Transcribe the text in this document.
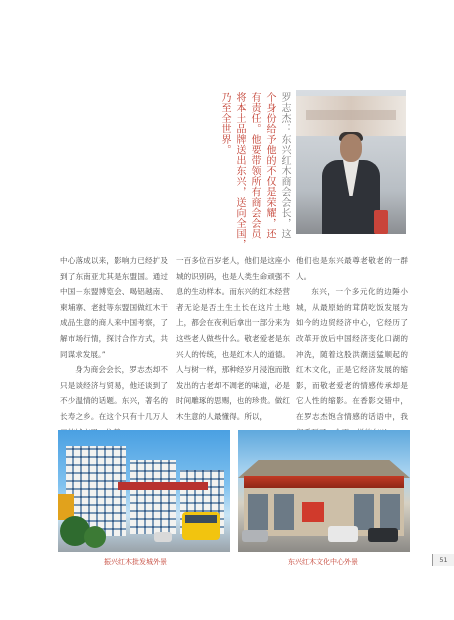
罗志杰：东兴红木商会会长，这
个身份给予他的不仅是荣耀，还
有责任。他要带领所有商会会员
将本土品牌送出东兴，送向全国，
乃至全世界。

中心落成以来，影响力已经扩及到了东南亚尤其是东盟国。通过中国－东盟博览会、喝铝越南、柬埔寨、老挝等东盟国做红木干成品生意的商人来中国考察，了解市场行情，探讨合作方式，共同谋求发展。”

身为商会会长，罗志杰却不只是谈经济与贸易，他还谈到了不少温情的话题。东兴，著名的长寿之乡。在这个只有十几万人

一百多位百岁老人，他们是这座小城的识别码，也是人类生命顽强不息的生动样本。而东兴的红木经营者无论是否土生土长在这片土地上，都会在夜利后拿出一部分来为这些老人做些什么。敬老爱老是东兴人的传统，也是红木人的道德。人与树一样，那种经岁月浸泡而散发出的古老却不凋老的味道，必是时间雕琢的思赐，也的珍贵。做红木生意的人最懂得。所以，

他们也是东兴最尊老敬老的一群人。

东兴，一个多元化的边陲小城，从最原始的茸荫吃饭发展为如今的边贸经济中心，它经历了改革开放后中国经济变化口湖的冲洗，随着这股洪潮送猛顺起的红木文化，正是它经济发展的缩影，而敬老爱老的情感传承却是它人性的缩影。在香影交错中，在罗志杰饱含情感的话语中，我

振兴红木批发城外景	东兴红木文化中心外景	51
